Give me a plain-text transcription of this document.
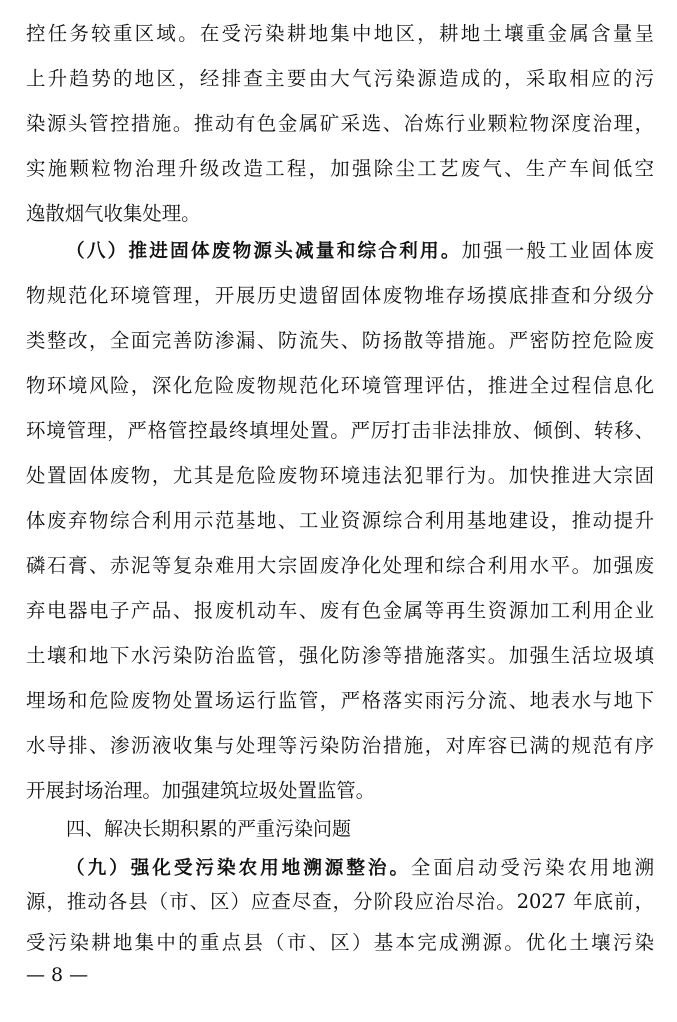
控任务较重区域。在受污染耕地集中地区，耕地土壤重金属含量呈
上升趋势的地区，经排查主要由大气污染源造成的，采取相应的污
染源头管控措施。推动有色金属矿采选、冶炼行业颗粒物深度治理，
实施颗粒物治理升级改造工程，加强除尘工艺废气、生产车间低空
逸散烟气收集处理。
（八）推进固体废物源头减量和综合利用。加强一般工业固体废
物规范化环境管理，开展历史遗留固体废物堆存场摸底排查和分级分
类整改，全面完善防渗漏、防流失、防扬散等措施。严密防控危险废
物环境风险，深化危险废物规范化环境管理评估，推进全过程信息化
环境管理，严格管控最终填埋处置。严厉打击非法排放、倾倒、转移、
处置固体废物，尤其是危险废物环境违法犯罪行为。加快推进大宗固
体废弃物综合利用示范基地、工业资源综合利用基地建设，推动提升
磷石膏、赤泥等复杂难用大宗固废净化处理和综合利用水平。加强废
弃电器电子产品、报废机动车、废有色金属等再生资源加工利用企业
土壤和地下水污染防治监管，强化防渗等措施落实。加强生活垃圾填
埋场和危险废物处置场运行监管，严格落实雨污分流、地表水与地下
水导排、渗沥液收集与处理等污染防治措施，对库容已满的规范有序
开展封场治理。加强建筑垃圾处置监管。
四、解决长期积累的严重污染问题
（九）强化受污染农用地溯源整治。全面启动受污染农用地溯
源，推动各县（市、区）应查尽查，分阶段应治尽治。2027 年底前，
受污染耕地集中的重点县（市、区）基本完成溯源。优化土壤污染
— 8 —
